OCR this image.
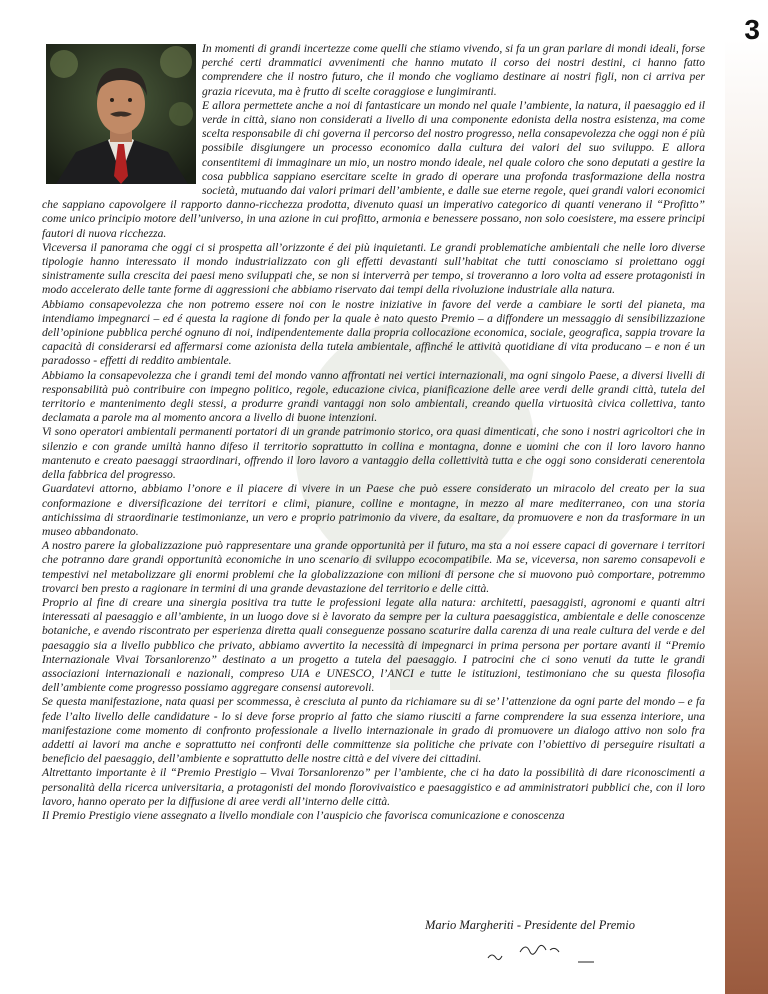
3

In momenti di grandi incertezze come quelli che stiamo vivendo, si fa un gran parlare di mondi ideali, forse perché certi drammatici avvenimenti che hanno mutato il corso dei nostri destini, ci hanno fatto comprendere che il nostro futuro, che il mondo che vogliamo destinare ai nostri figli, non ci arriva per grazia ricevuta, ma è frutto di scelte coraggiose e lungimiranti.

E allora permettete anche a noi di fantasticare un mondo nel quale l’ambiente, la natura, il paesaggio ed il verde in città, siano non considerati a livello di una componente edonista della nostra esistenza, ma come scelta responsabile di chi governa il percorso del nostro progresso, nella consapevolezza che oggi non é più possibile disgiungere un processo economico dalla cultura dei valori del suo sviluppo. E allora consentitemi di immaginare un mio, un nostro mondo ideale, nel quale coloro che sono deputati a gestire la cosa pubblica sappiano esercitare scelte in grado di operare una profonda trasformazione della nostra società, mutuando dai valori primari dell’ambiente, e dalle sue eterne regole, quei grandi valori economici che sappiano capovolgere il rapporto danno-ricchezza prodotta, divenuto quasi un imperativo categorico di quanti venerano il “Profitto” come unico principio motore dell’universo, in una azione in cui profitto, armonia e benessere possano, non solo coesistere, ma essere principi fautori di nuova ricchezza.

Viceversa il panorama che oggi ci si prospetta all’orizzonte é dei più inquietanti. Le grandi problematiche ambientali che nelle loro diverse tipologie hanno interessato il mondo industrializzato con gli effetti devastanti sull’habitat che tutti conosciamo si proiettano oggi sinistramente sulla crescita dei paesi meno sviluppati che, se non si interverrà per tempo, si troveranno a loro volta ad essere protagonisti in modo accelerato delle tante forme di aggressioni che abbiamo riservato dai tempi della rivoluzione industriale alla natura.

Abbiamo consapevolezza che non potremo essere noi con le nostre iniziative in favore del verde a cambiare le sorti del pianeta, ma intendiamo impegnarci – ed é questa la ragione di fondo per la quale è nato questo Premio – a diffondere un messaggio di sensibilizzazione dell’opinione pubblica perché ognuno di noi, indipendentemente dalla propria collocazione economica, sociale, geografica, sappia trovare la capacità di considerarsi ed affermarsi come azionista della tutela ambientale, affinché le attività quotidiane di vita producano – e non é un paradosso - effetti di reddito ambientale.

Abbiamo la consapevolezza che i grandi temi del mondo vanno affrontati nei vertici internazionali, ma ogni singolo Paese, a diversi livelli di responsabilità può contribuire con impegno politico, regole, educazione civica, pianificazione delle aree verdi delle grandi città, tutela del territorio e mantenimento degli stessi, a produrre grandi vantaggi non solo ambientali, creando quella virtuosità civica collettiva, tanto declamata a parole ma al momento ancora a livello di buone intenzioni.

Vi sono operatori ambientali permanenti portatori di un grande patrimonio storico, ora quasi dimenticati, che sono i nostri agricoltori che in silenzio e con grande umiltà hanno difeso il territorio soprattutto in collina e montagna, donne e uomini che con il loro lavoro hanno mantenuto e creato paesaggi straordinari, offrendo il loro lavoro a vantaggio della collettività tutta e che oggi sono considerati cenerentola della fabbrica del progresso.

Guardatevi attorno, abbiamo l’onore e il piacere di vivere in un Paese che può essere considerato un miracolo del creato per la sua conformazione e diversificazione dei territori e climi, pianure, colline e montagne, in mezzo al mare mediterraneo, con una storia antichissima di straordinarie testimonianze, un vero e proprio patrimonio da vivere, da esaltare, da promuovere e non da trasformare in un museo abbandonato.

A nostro parere la globalizzazione può rappresentare una grande opportunità per il futuro, ma sta a noi essere capaci di governare i territori che potranno dare grandi opportunità economiche in uno scenario di sviluppo ecocompatibile. Ma se, viceversa, non saremo consapevoli e tempestivi nel metabolizzare gli enormi problemi che la globalizzazione con milioni di persone che si muovono può comportare, potremmo trovarci ben presto a ragionare in termini di una grande devastazione del territorio e delle città.

Proprio al fine di creare una sinergia positiva tra tutte le professioni legate alla natura: architetti, paesaggisti, agronomi e quanti altri interessati al paesaggio e all’ambiente, in un luogo dove si è lavorato da sempre per la cultura paesaggistica, ambientale e delle conoscenze botaniche, e avendo riscontrato per esperienza diretta quali conseguenze possano scaturire dalla carenza di una reale cultura del verde e del paesaggio sia a livello pubblico che privato, abbiamo avvertito la necessità di impegnarci in prima persona per portare avanti il “Premio Internazionale Vivai Torsanlorenzo” destinato a un progetto a tutela del paesaggio. I patrocini che ci sono venuti da tutte le grandi associazioni internazionali e nazionali, compreso UIA e UNESCO, l’ANCI e tutte le istituzioni, testimoniano che su questa filosofia dell’ambiente come progresso possiamo aggregare consensi autorevoli.

Se questa manifestazione, nata quasi per scommessa, è cresciuta al punto da richiamare su di se’ l’attenzione da ogni parte del mondo – e fa fede l’alto livello delle candidature - lo si deve forse proprio al fatto che siamo riusciti a farne comprendere la sua essenza interiore, una manifestazione come momento di confronto professionale a livello internazionale in grado di promuovere un dialogo attivo non solo fra addetti ai lavori ma anche e soprattutto nei confronti delle committenze sia politiche che private con l’obiettivo di perseguire risultati a beneficio del paesaggio, dell’ambiente e soprattutto delle nostre città e del vivere dei cittadini.

Altrettanto importante è il “Premio Prestigio – Vivai Torsanlorenzo” per l’ambiente, che ci ha dato la possibilità di dare riconoscimenti a personalità della ricerca universitaria, a protagonisti del mondo florovivaistico e paesaggistico e ad amministratori pubblici che, con il loro lavoro, hanno operato per la diffusione di aree verdi all’interno delle città.

Il Premio Prestigio viene assegnato a livello mondiale con l’auspicio che favorisca comunicazione e conoscenza

Mario Margheriti - Presidente del Premio
